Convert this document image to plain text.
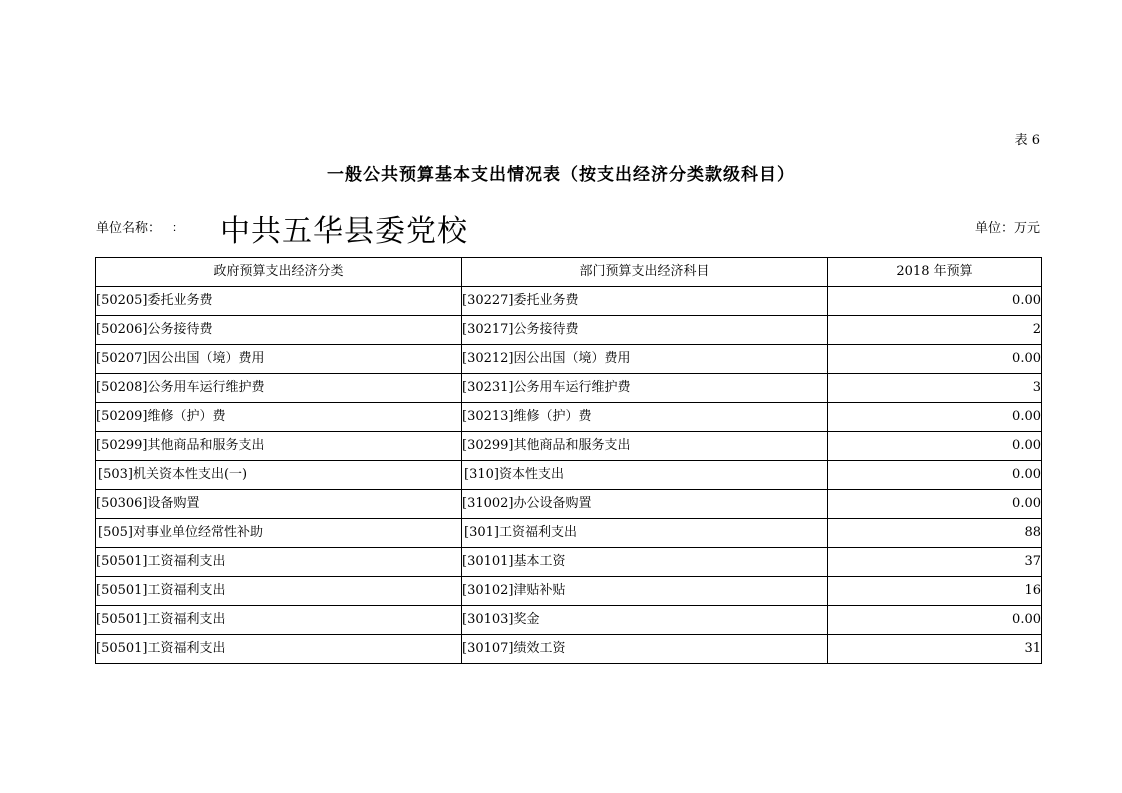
表 6
一般公共预算基本支出情况表（按支出经济分类款级科目）
单位名称： ： 中共五华县委党校	单位：万元
政府预算支出经济分类	部门预算支出经济科目	2018 年预算
[50205]委托业务费	[30227]委托业务费	0.00
[50206]公务接待费	[30217]公务接待费	2
[50207]因公出国（境）费用	[30212]因公出国（境）费用	0.00
[50208]公务用车运行维护费	[30231]公务用车运行维护费	3
[50209]维修（护）费	[30213]维修（护）费	0.00
[50299]其他商品和服务支出	[30299]其他商品和服务支出	0.00
[503]机关资本性支出(一)	[310]资本性支出	0.00
[50306]设备购置	[31002]办公设备购置	0.00
[505]对事业单位经常性补助	[301]工资福利支出	88
[50501]工资福利支出	[30101]基本工资	37
[50501]工资福利支出	[30102]津贴补贴	16
[50501]工资福利支出	[30103]奖金	0.00
[50501]工资福利支出	[30107]绩效工资	31
